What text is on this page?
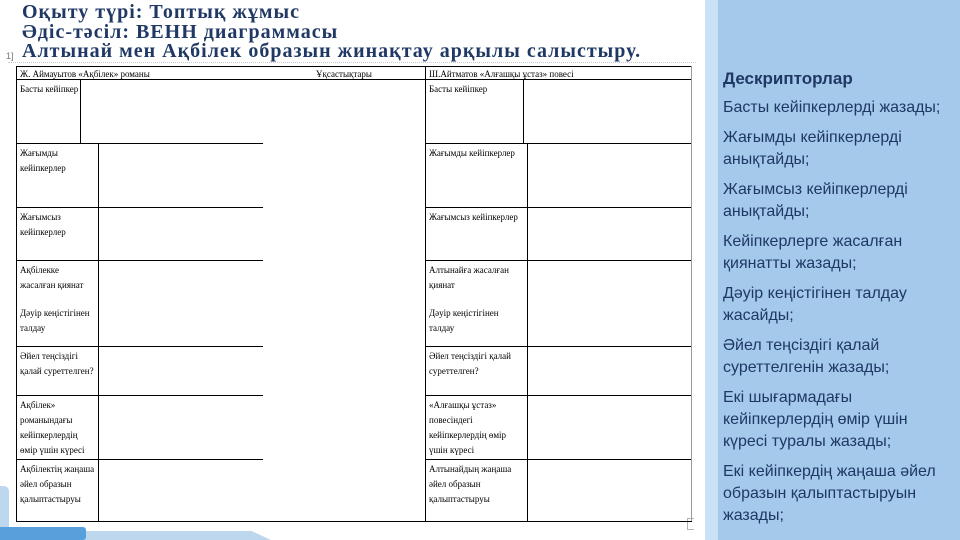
Оқыту түрі: Топтық жұмыс
Әдіс-тәсіл: ВЕНН диаграммасы
Алтынай мен Ақбілек образын жинақтау арқылы салыстыру.
1]
Ж. Аймауытов «Ақбілек» романы	Ұқсастықтары	Ш.Айтматов «Алғашқы ұстаз» повесі
Басты кейіпкер
Жағымды кейіпкерлер
Жағымсыз кейіпкерлер
Ақбілекке жасалған қиянат
Дәуір кеңістігінен талдау
Әйел теңсіздігі қалай суреттелген?
Ақбілек» романындағы кейіпкерлердің өмір үшін күресі
Ақбілектің жаңаша әйел образын қалыптастыруы
Басты кейіпкер
Жағымды кейіпкерлер
Жағымсыз кейіпкерлер
Алтынайға жасалған қиянат
Дәуір кеңістігінен талдау
Әйел теңсіздігі қалай суреттелген?
«Алғашқы ұстаз» повесіндегі кейіпкерлердің өмір үшін күресі
Алтынайдың жаңаша әйел образын қалыптастыруы
Дескрипторлар
Басты кейіпкерлерді жазады;
Жағымды кейіпкерлерді анықтайды;
Жағымсыз кейіпкерлерді анықтайды;
Кейіпкерлерге жасалған қиянатты жазады;
Дәуір кеңістігінен талдау жасайды;
Әйел теңсіздігі қалай суреттелгенін жазады;
Екі шығармадағы кейіпкерлердің өмір үшін күресі туралы жазады;
Екі кейіпкердің жаңаша әйел образын қалыптастыруын жазады;
